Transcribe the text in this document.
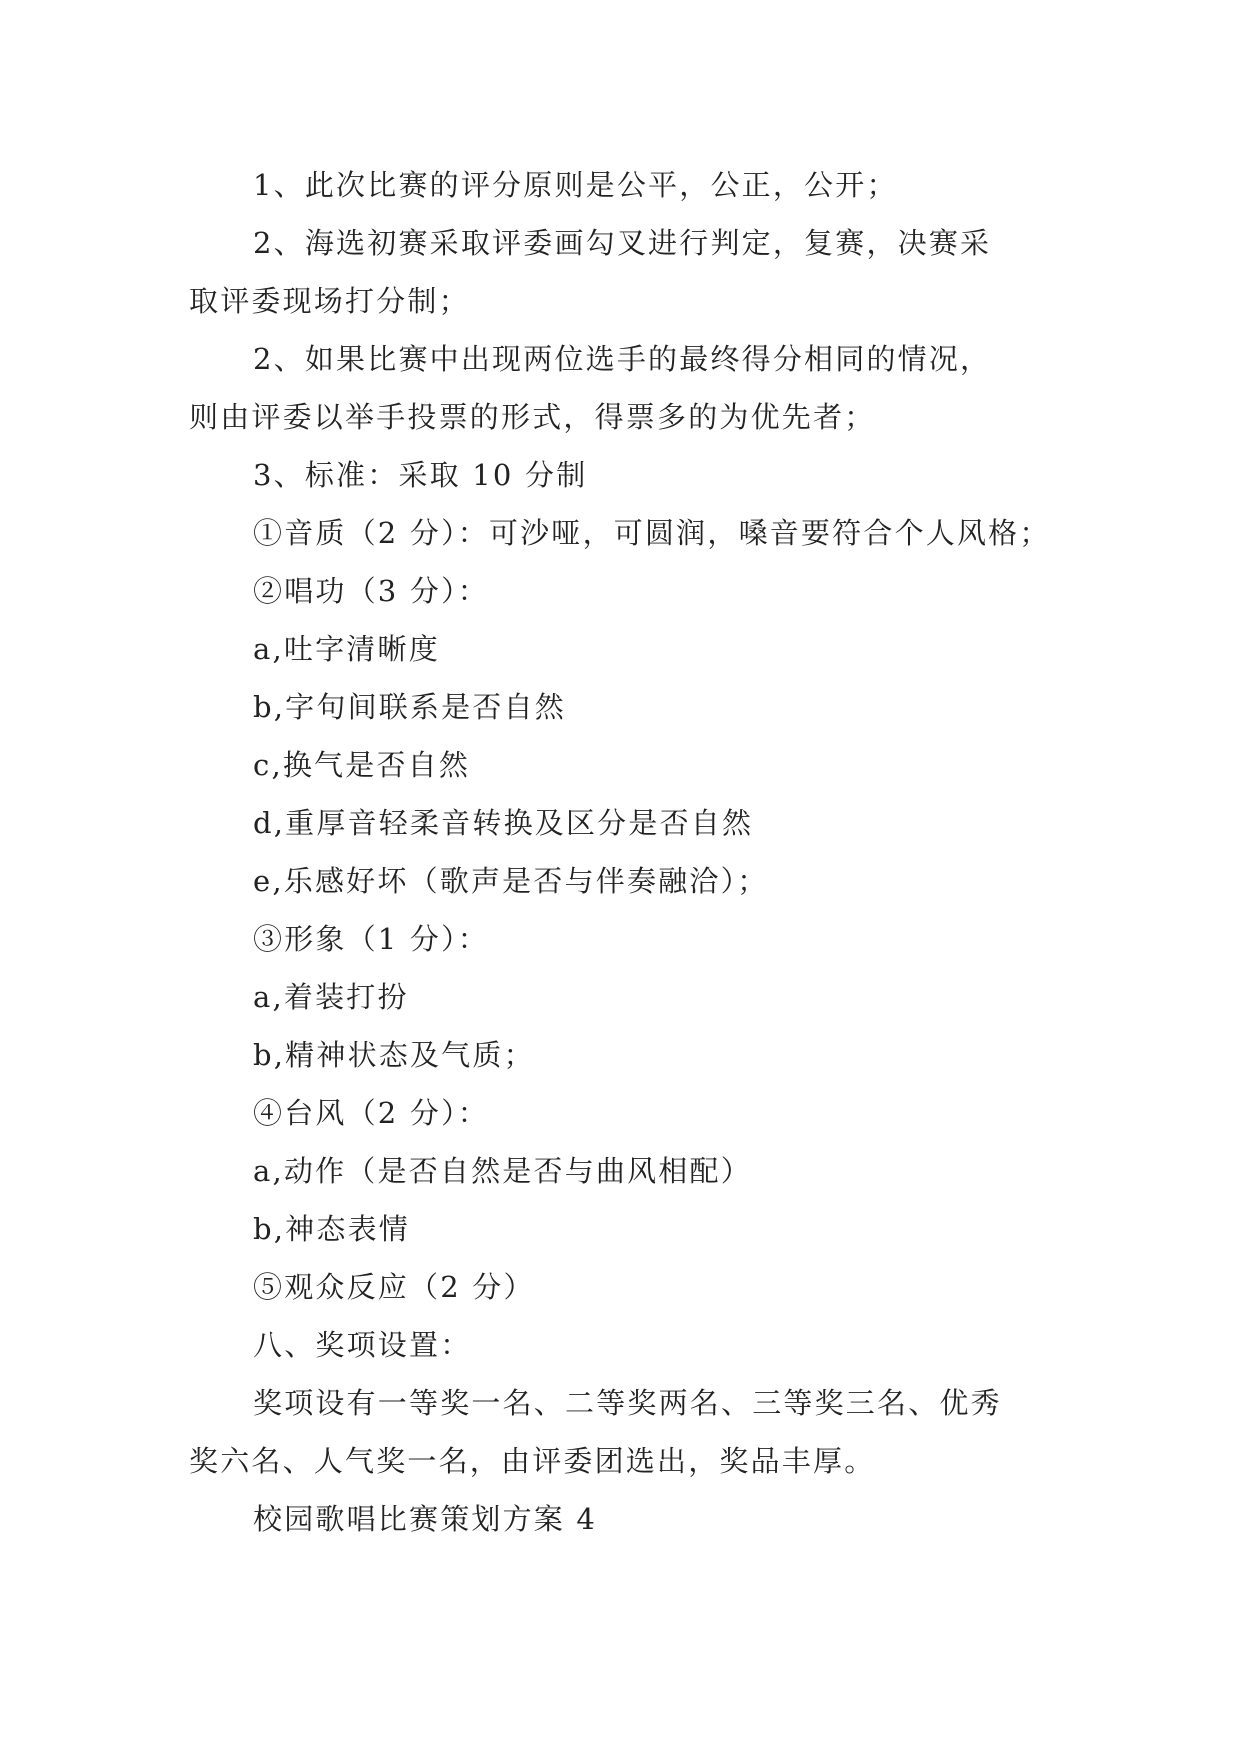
1、此次比赛的评分原则是公平，公正，公开；
2、海选初赛采取评委画勾叉进行判定，复赛，决赛采
取评委现场打分制；
2、如果比赛中出现两位选手的最终得分相同的情况，
则由评委以举手投票的形式，得票多的为优先者；
3、标准：采取 10 分制
①音质（2 分）：可沙哑，可圆润，嗓音要符合个人风格；
②唱功（3 分）：
a,吐字清晰度
b,字句间联系是否自然
c,换气是否自然
d,重厚音轻柔音转换及区分是否自然
e,乐感好坏（歌声是否与伴奏融洽）；
③形象（1 分）：
a,着装打扮
b,精神状态及气质；
④台风（2 分）：
a,动作（是否自然是否与曲风相配）
b,神态表情
⑤观众反应（2 分）
八、奖项设置：
奖项设有一等奖一名、二等奖两名、三等奖三名、优秀
奖六名、人气奖一名，由评委团选出，奖品丰厚。
校园歌唱比赛策划方案 4
